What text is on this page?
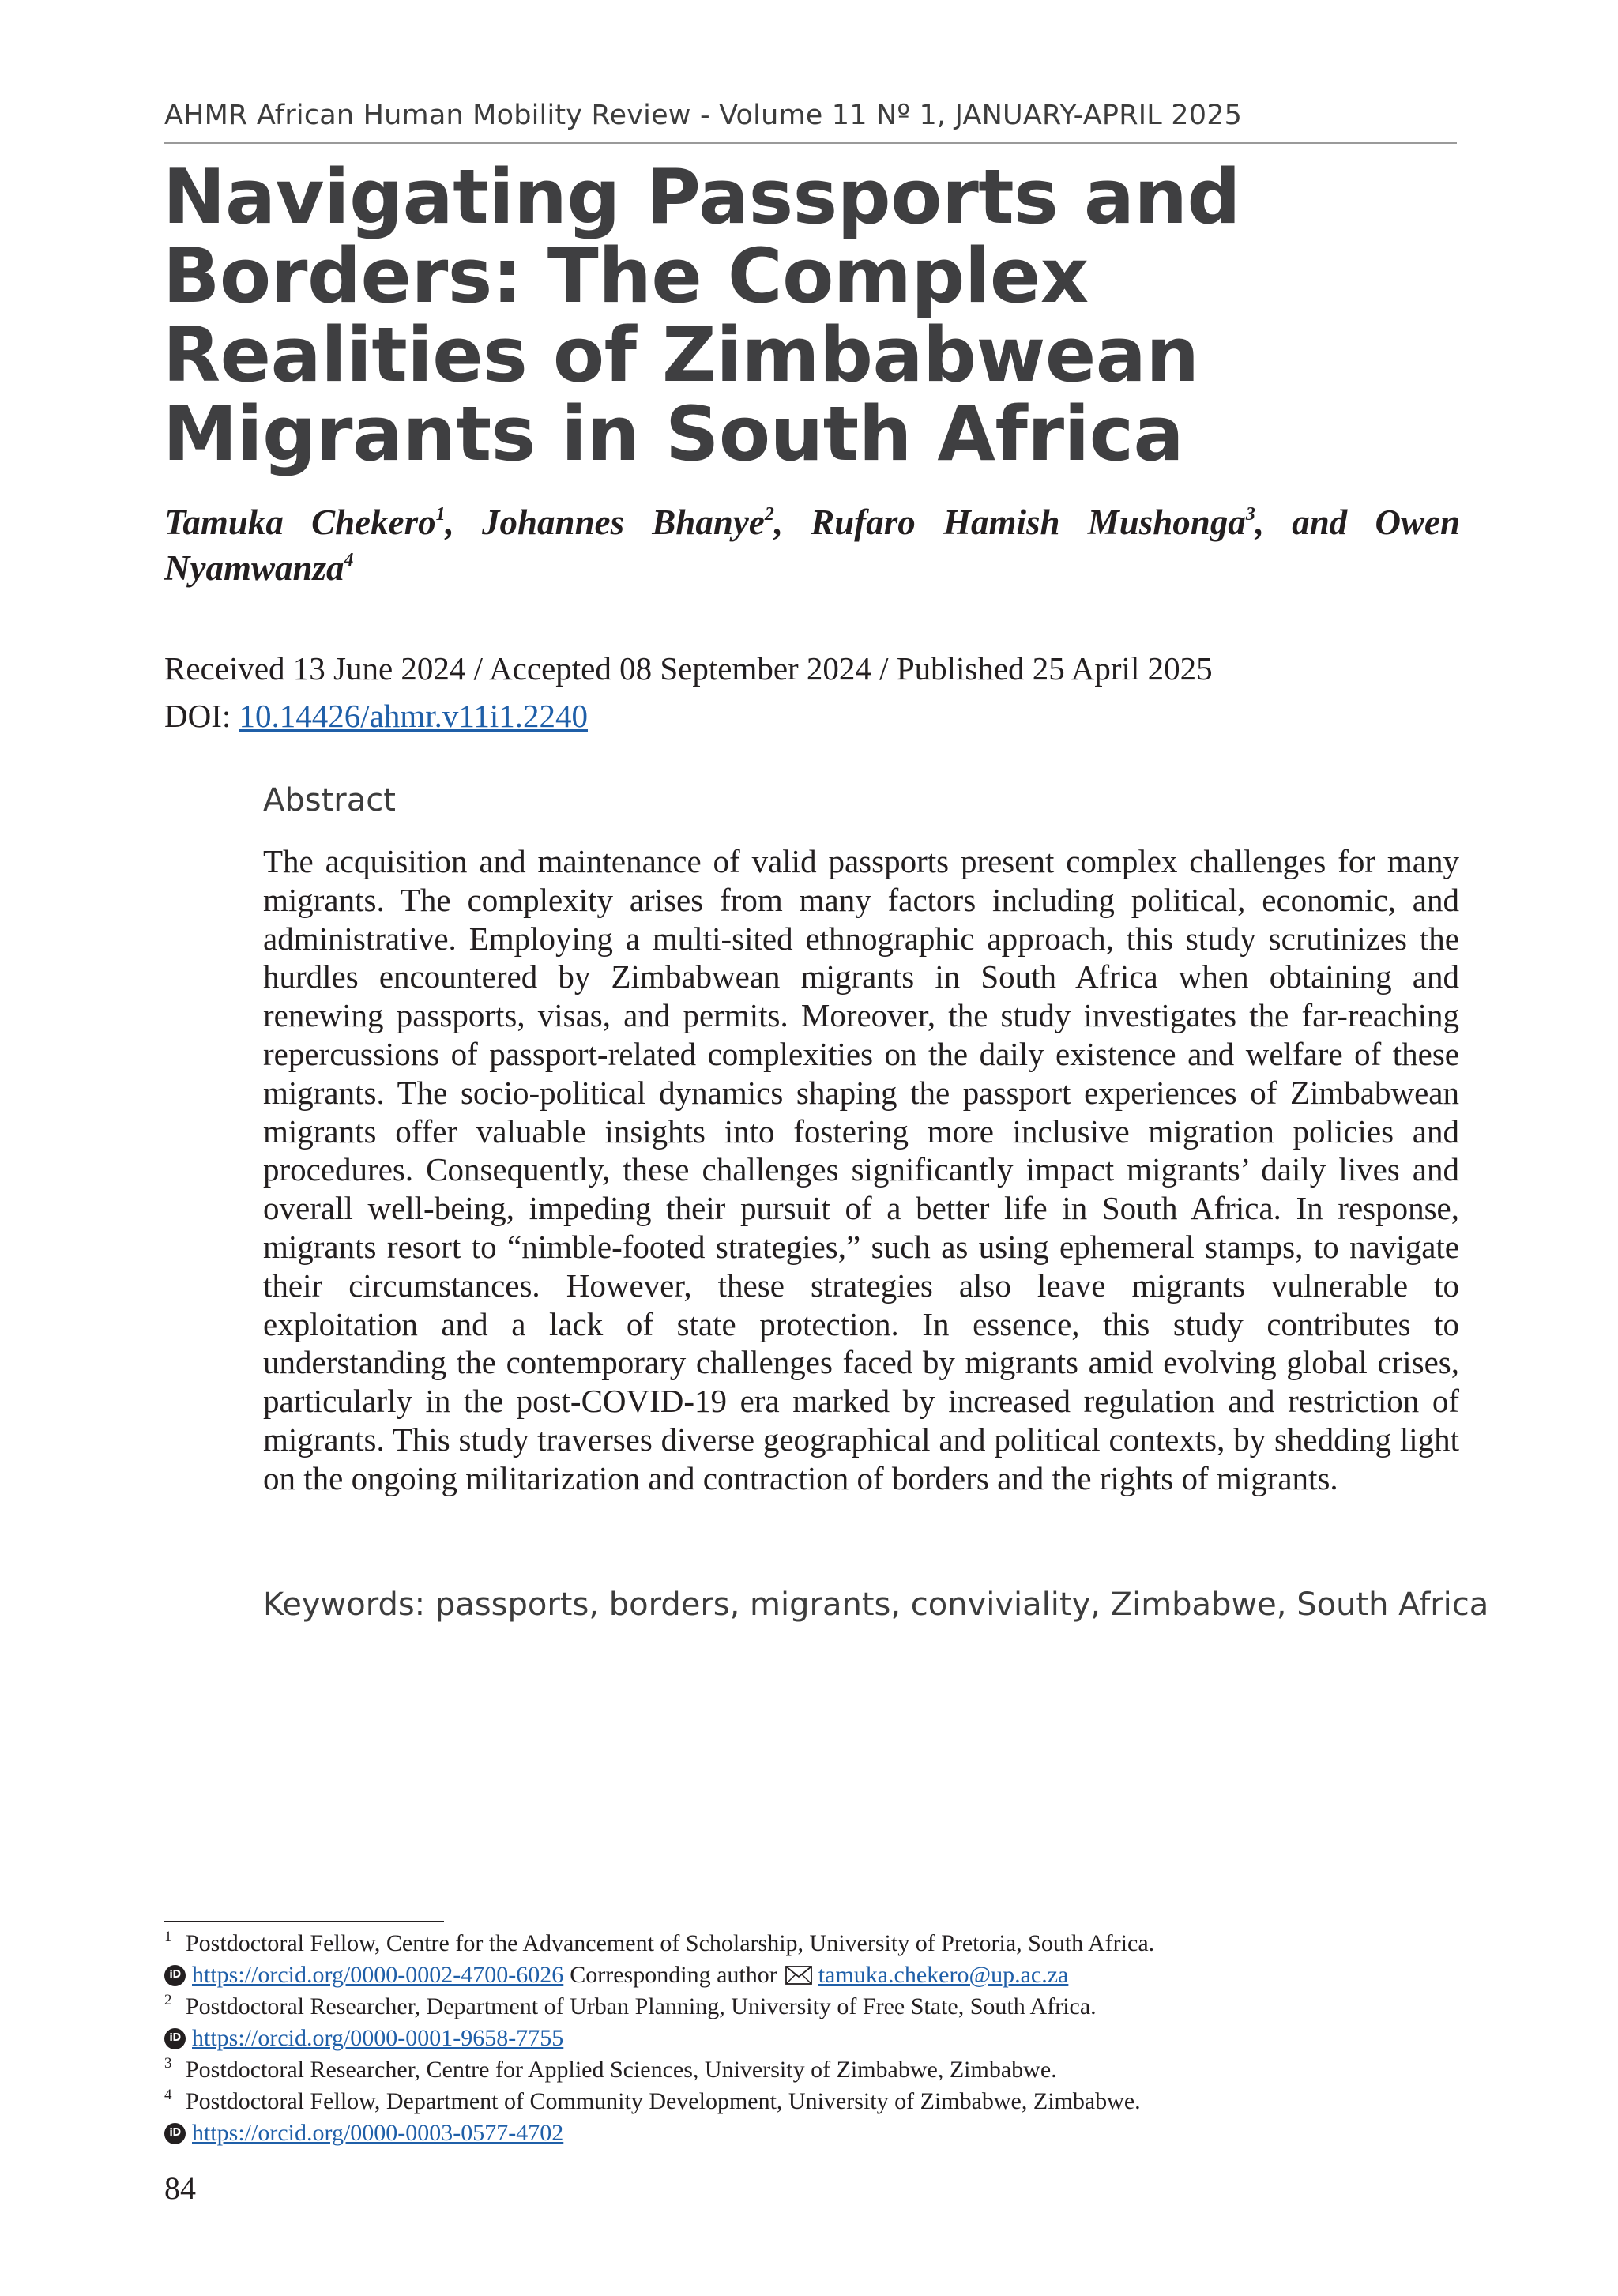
AHMR African Human Mobility Review - Volume 11 Nº 1, JANUARY-APRIL 2025
Navigating Passports and Borders: The Complex Realities of Zimbabwean Migrants in South Africa
Tamuka Chekero$^1$, Johannes Bhanye$^2$, Rufaro Hamish Mushonga$^3$, and Owen Nyamwanza$^4$
Received 13 June 2024 / Accepted 08 September 2024 / Published 25 April 2025
DOI: 10.14426/ahmr.v11i1.2240
Abstract

The acquisition and maintenance of valid passports present complex challenges for many migrants. The complexity arises from many factors including political, economic, and administrative. Employing a multi-sited ethnographic approach, this study scrutinizes the hurdles encountered by Zimbabwean migrants in South Africa when obtaining and renewing passports, visas, and permits. Moreover, the study investigates the far-reaching repercussions of passport-related complexities on the daily existence and welfare of these migrants. The socio-political dynamics shaping the passport experiences of Zimbabwean migrants offer valuable insights into fostering more inclusive migration policies and procedures. Consequently, these challenges significantly impact migrants’ daily lives and overall well-being, impeding their pursuit of a better life in South Africa. In response, migrants resort to “nimble-footed strategies,” such as using ephemeral stamps, to navigate their circumstances. However, these strategies also leave migrants vulnerable to exploitation and a lack of state protection. In essence, this study contributes to understanding the contemporary challenges faced by migrants amid evolving global crises, particularly in the post-COVID-19 era marked by increased regulation and restriction of migrants. This study traverses diverse geographical and political contexts, by shedding light on the ongoing militarization and contraction of borders and the rights of migrants.

Keywords: passports, borders, migrants, conviviality, Zimbabwe, South Africa
1 Postdoctoral Fellow, Centre for the Advancement of Scholarship, University of Pretoria, South Africa.
iD https://orcid.org/0000-0002-4700-6026 Corresponding author tamuka.chekero@up.ac.za
2 Postdoctoral Researcher, Department of Urban Planning, University of Free State, South Africa.
iD https://orcid.org/0000-0001-9658-7755
3 Postdoctoral Researcher, Centre for Applied Sciences, University of Zimbabwe, Zimbabwe.
4 Postdoctoral Fellow, Department of Community Development, University of Zimbabwe, Zimbabwe.
iD https://orcid.org/0000-0003-0577-4702
84
